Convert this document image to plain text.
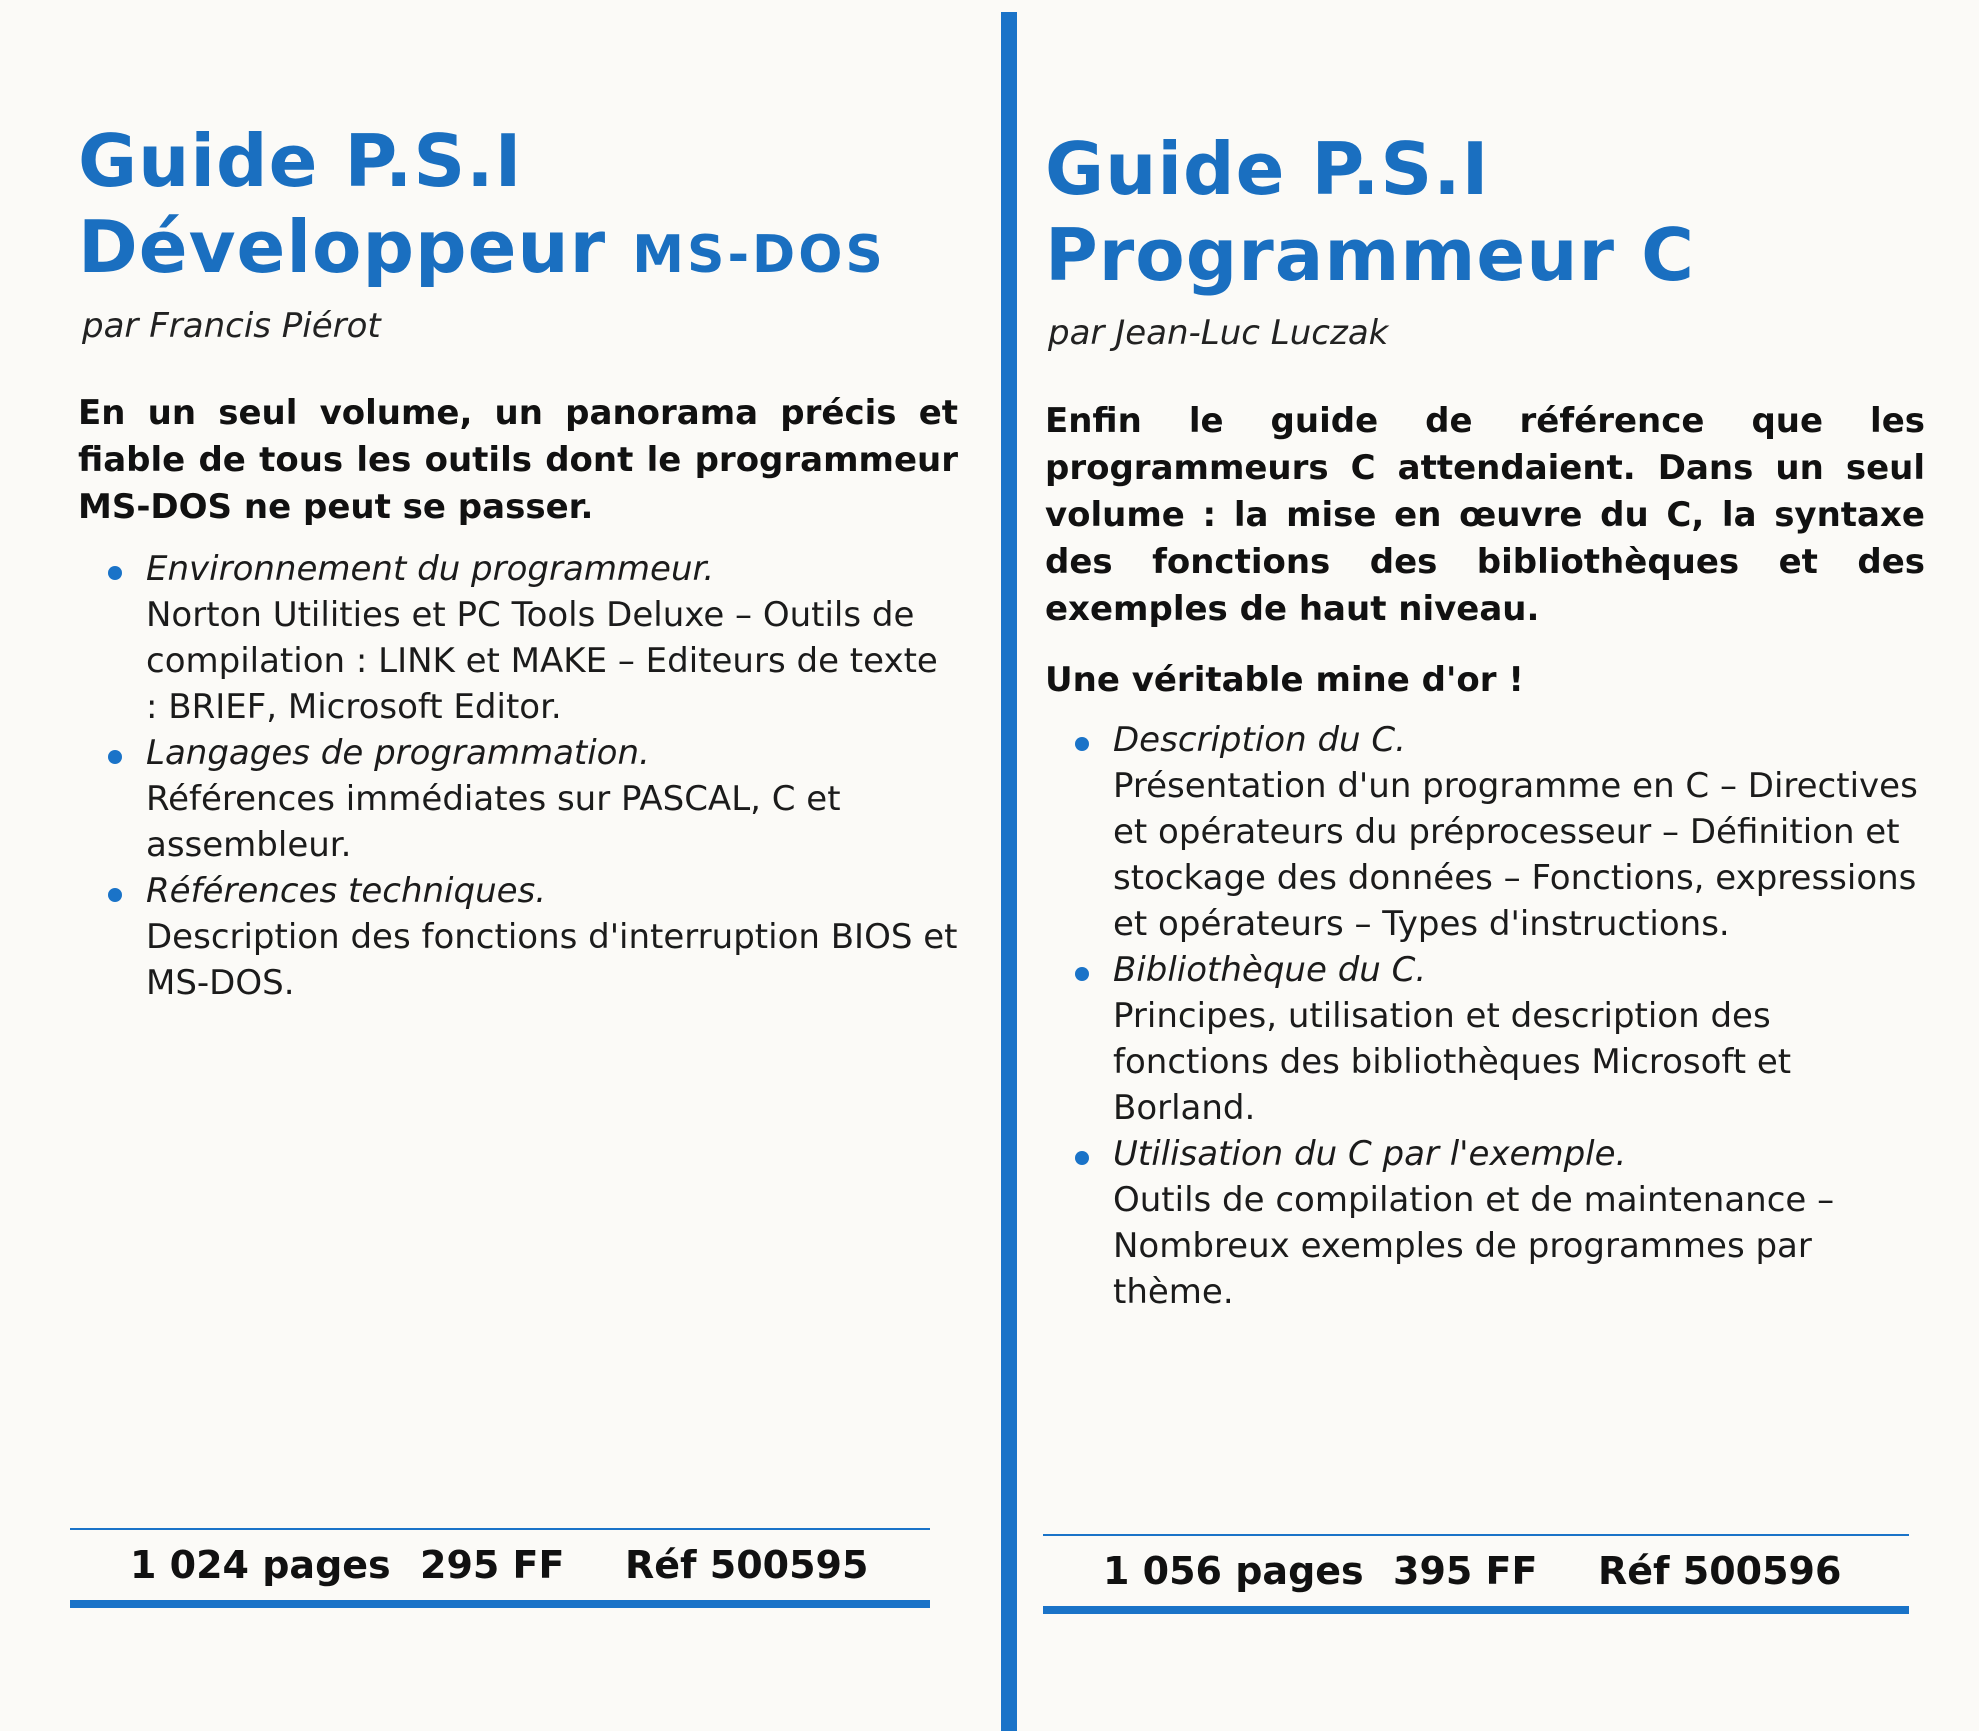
Guide P.S.I
Développeur MS-DOS
par Francis Piérot

En un seul volume, un panorama précis et fiable de tous les outils dont le programmeur MS-DOS ne peut se passer.

Environnement du programmeur.
Norton Utilities et PC Tools Deluxe – Outils de compilation : LINK et MAKE – Editeurs de texte : BRIEF, Microsoft Editor.
Langages de programmation.
Références immédiates sur PASCAL, C et assembleur.
Références techniques.
Description des fonctions d'interruption BIOS et MS-DOS.
1 024 pages 295 FF	Réf 500595
Guide P.S.I
Programmeur C
par Jean-Luc Luczak

Enfin le guide de référence que les programmeurs C attendaient. Dans un seul volume : la mise en œuvre du C, la syntaxe des fonctions des bibliothèques et des exemples de haut niveau.

Une véritable mine d'or !
Description du C.
Présentation d'un programme en C – Directives et opérateurs du préprocesseur – Définition et stockage des données – Fonctions, expressions et opérateurs – Types d'instructions.
Bibliothèque du C.
Principes, utilisation et description des fonctions des bibliothèques Microsoft et Borland.
Utilisation du C par l'exemple.
Outils de compilation et de maintenance – Nombreux exemples de programmes par thème.
1 056 pages 395 FF	Réf 500596
